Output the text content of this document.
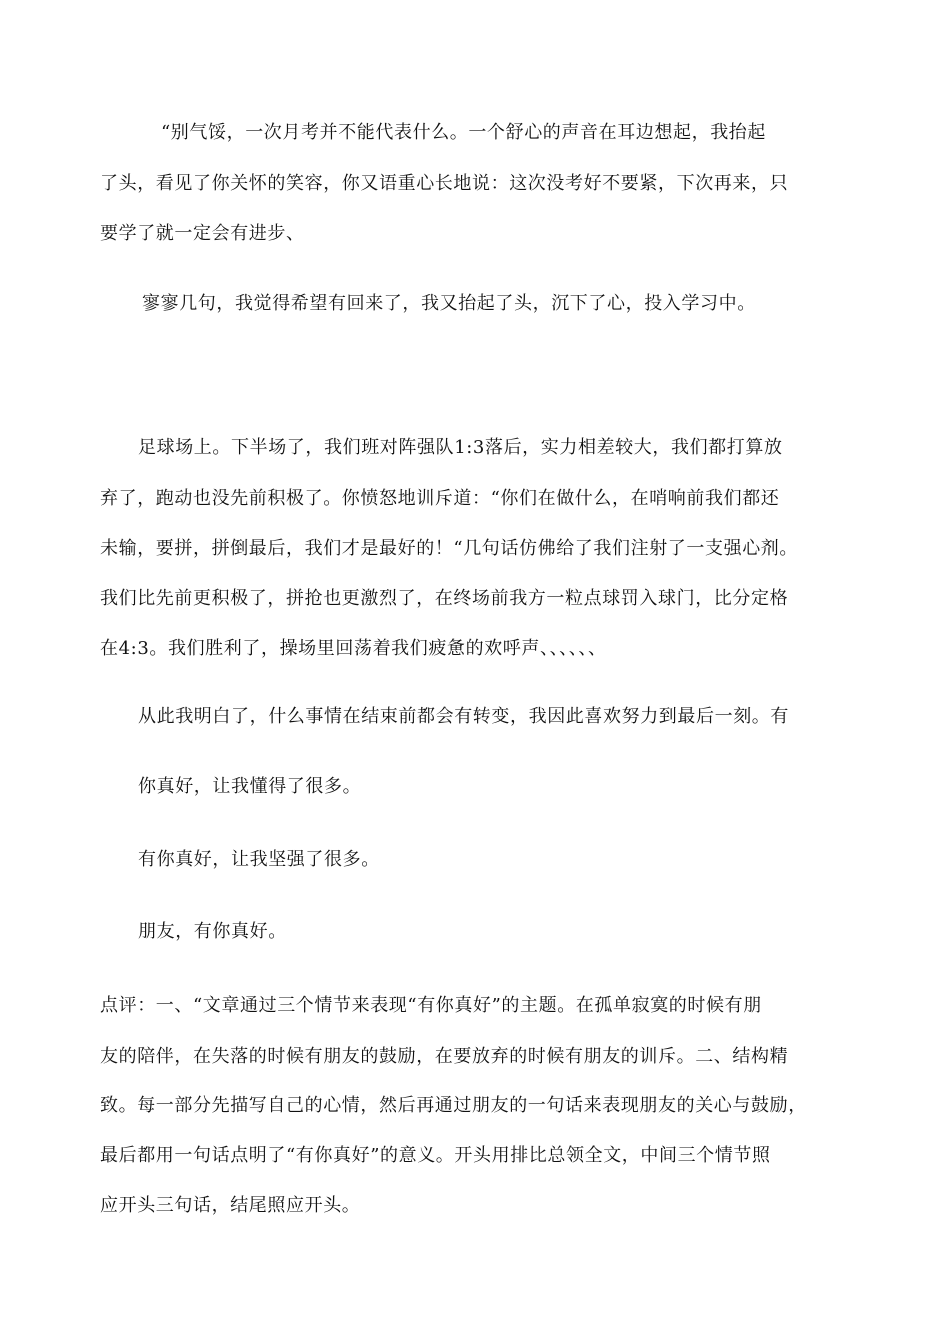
“别气馁，一次月考并不能代表什么。一个舒心的声音在耳边想起，我抬起
了头，看见了你关怀的笑容，你又语重心长地说：这次没考好不要紧，下次再来，只
要学了就一定会有进步、
寥寥几句，我觉得希望有回来了，我又抬起了头，沉下了心，投入学习中。
足球场上。下半场了，我们班对阵强队1:3落后，实力相差较大，我们都打算放
弃了，跑动也没先前积极了。你愤怒地训斥道：“你们在做什么，在哨响前我们都还
未输，要拼，拼倒最后，我们才是最好的！“几句话仿佛给了我们注射了一支强心剂。
我们比先前更积极了，拼抢也更激烈了，在终场前我方一粒点球罚入球门，比分定格
在4:3。我们胜利了，操场里回荡着我们疲惫的欢呼声、、、、、、
从此我明白了，什么事情在结束前都会有转变，我因此喜欢努力到最后一刻。有
你真好，让我懂得了很多。
有你真好，让我坚强了很多。
朋友，有你真好。
点评：一、“文章通过三个情节来表现“有你真好”的主题。在孤单寂寞的时候有朋
友的陪伴，在失落的时候有朋友的鼓励，在要放弃的时候有朋友的训斥。二、结构精
致。每一部分先描写自己的心情，然后再通过朋友的一句话来表现朋友的关心与鼓励，
最后都用一句话点明了“有你真好”的意义。开头用排比总领全文，中间三个情节照
应开头三句话，结尾照应开头。
